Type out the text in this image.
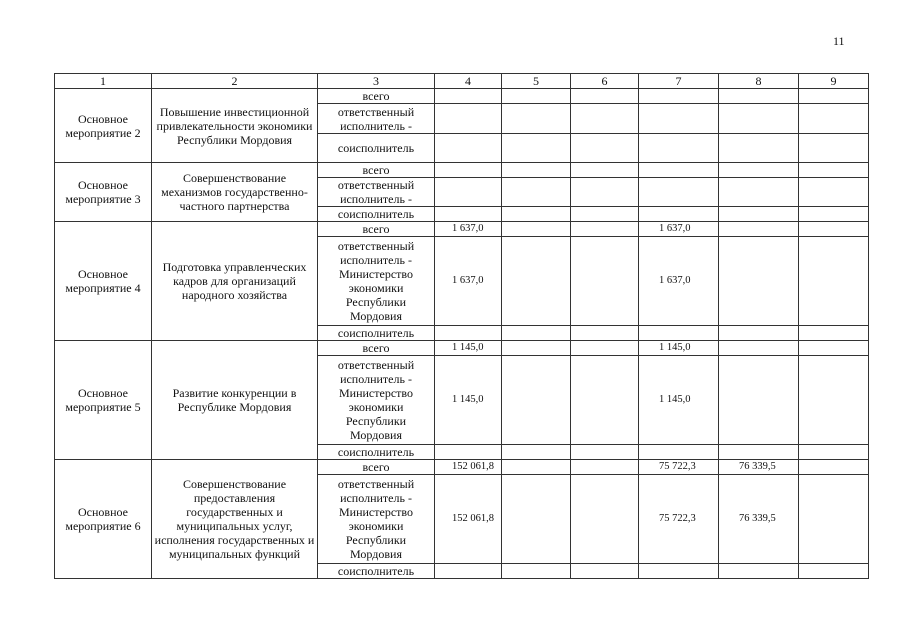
11
1	2	3	4	5	6	7	8	9
Основное мероприятие 2	Повышение инвестиционной привлекательности экономики Республики Мордовия	всего						
		ответственный исполнитель -						
		соисполнитель						
Основное мероприятие 3	Совершенствование механизмов государственно-частного партнерства	всего						
		ответственный исполнитель -						
		соисполнитель						
Основное мероприятие 4	Подготовка управленческих кадров для организаций народного хозяйства	всего	1 637,0			1 637,0		
		ответственный исполнитель - Министерство экономики Республики Мордовия	1 637,0			1 637,0		
		соисполнитель						
Основное мероприятие 5	Развитие конкуренции в Республике Мордовия	всего	1 145,0			1 145,0		
		ответственный исполнитель - Министерство экономики Республики Мордовия	1 145,0			1 145,0		
		соисполнитель						
Основное мероприятие 6	Совершенствование предоставления государственных и муниципальных услуг, исполнения государственных и муниципальных функций	всего	152 061,8			75 722,3	76 339,5	
		ответственный исполнитель - Министерство экономики Республики Мордовия	152 061,8			75 722,3	76 339,5	
		соисполнитель						
